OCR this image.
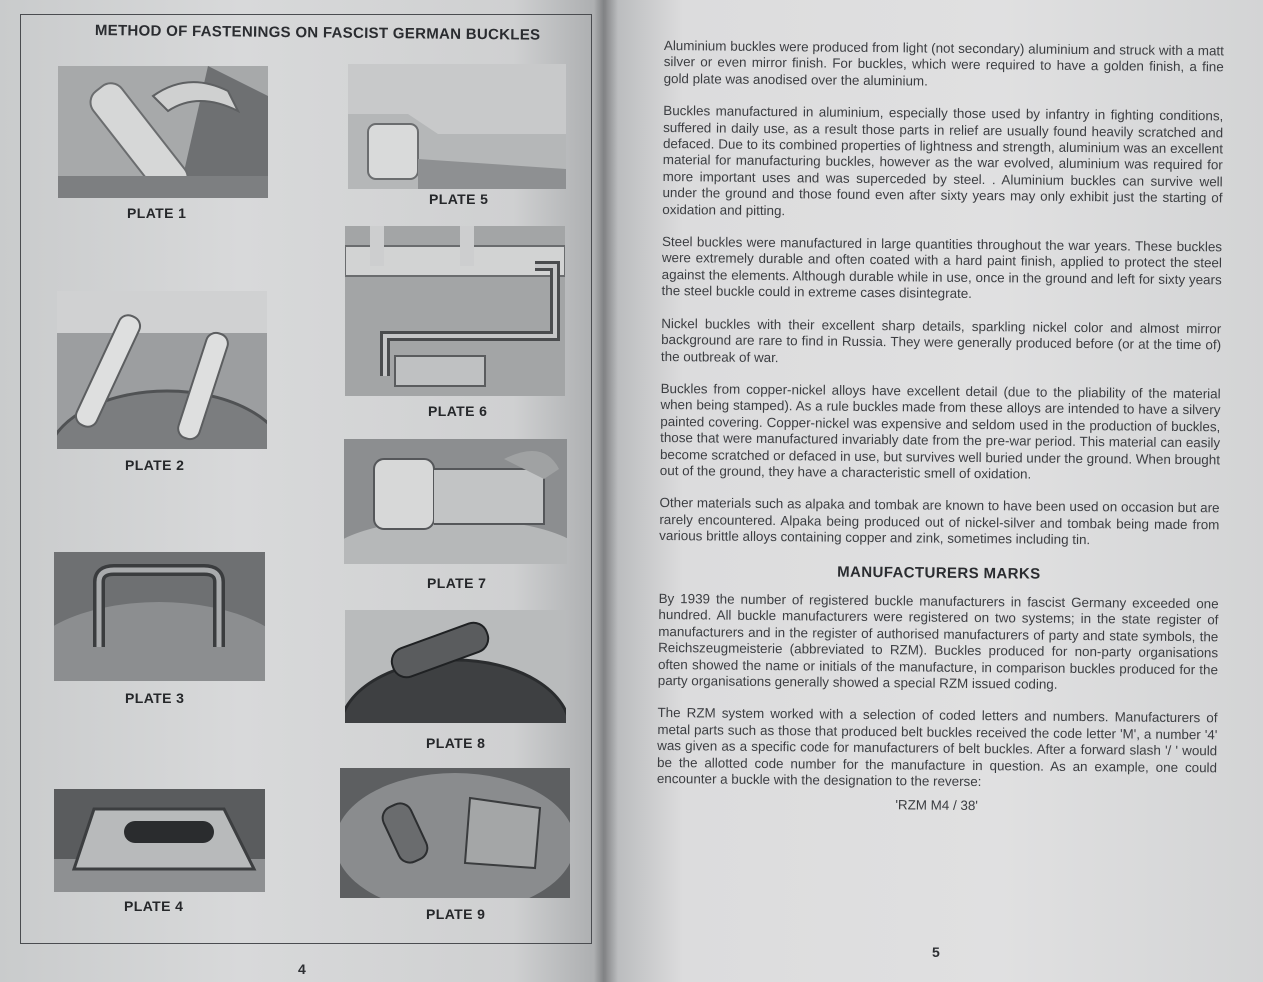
METHOD OF FASTENINGS ON FASCIST GERMAN BUCKLES
PLATE 1
PLATE 2
PLATE 3
PLATE 4
PLATE 5
PLATE 6
PLATE 7
PLATE 8
PLATE 9
4

Aluminium buckles were produced from light (not secondary) aluminium and struck with a matt silver or even mirror finish. For buckles, which were required to have a golden finish, a fine gold plate was anodised over the aluminium.

Buckles manufactured in aluminium, especially those used by infantry in fighting conditions, suffered in daily use, as a result those parts in relief are usually found heavily scratched and defaced. Due to its combined properties of lightness and strength, aluminium was an excellent material for manufacturing buckles, however as the war evolved, aluminium was required for more important uses and was superceded by steel. . Aluminium buckles can survive well under the ground and those found even after sixty years may only exhibit just the starting of oxidation and pitting.

Steel buckles were manufactured in large quantities throughout the war years. These buckles were extremely durable and often coated with a hard paint finish, applied to protect the steel against the elements. Although durable while in use, once in the ground and left for sixty years the steel buckle could in extreme cases disintegrate.

Nickel buckles with their excellent sharp details, sparkling nickel color and almost mirror background are rare to find in Russia. They were generally produced before (or at the time of) the outbreak of war.

Buckles from copper-nickel alloys have excellent detail (due to the pliability of the material when being stamped). As a rule buckles made from these alloys are intended to have a silvery painted covering. Copper-nickel was expensive and seldom used in the production of buckles, those that were manufactured invariably date from the pre-war period. This material can easily become scratched or defaced in use, but survives well buried under the ground. When brought out of the ground, they have a characteristic smell of oxidation.

Other materials such as alpaka and tombak are known to have been used on occasion but are rarely encountered. Alpaka being produced out of nickel-silver and tombak being made from various brittle alloys containing copper and zink, sometimes including tin.

MANUFACTURERS MARKS

By 1939 the number of registered buckle manufacturers in fascist Germany exceeded one hundred. All buckle manufacturers were registered on two systems; in the state register of manufacturers and in the register of authorised manufacturers of party and state symbols, the Reichszeugmeisterie (abbreviated to RZM). Buckles produced for non-party organisations often showed the name or initials of the manufacture, in comparison buckles produced for the party organisations generally showed a special RZM issued coding.

The RZM system worked with a selection of coded letters and numbers. Manufacturers of metal parts such as those that produced belt buckles received the code letter 'M', a number '4' was given as a specific code for manufacturers of belt buckles. After a forward slash '/ ' would be the allotted code number for the manufacture in question. As an example, one could encounter a buckle with the designation to the reverse:

'RZM M4 / 38'
5
